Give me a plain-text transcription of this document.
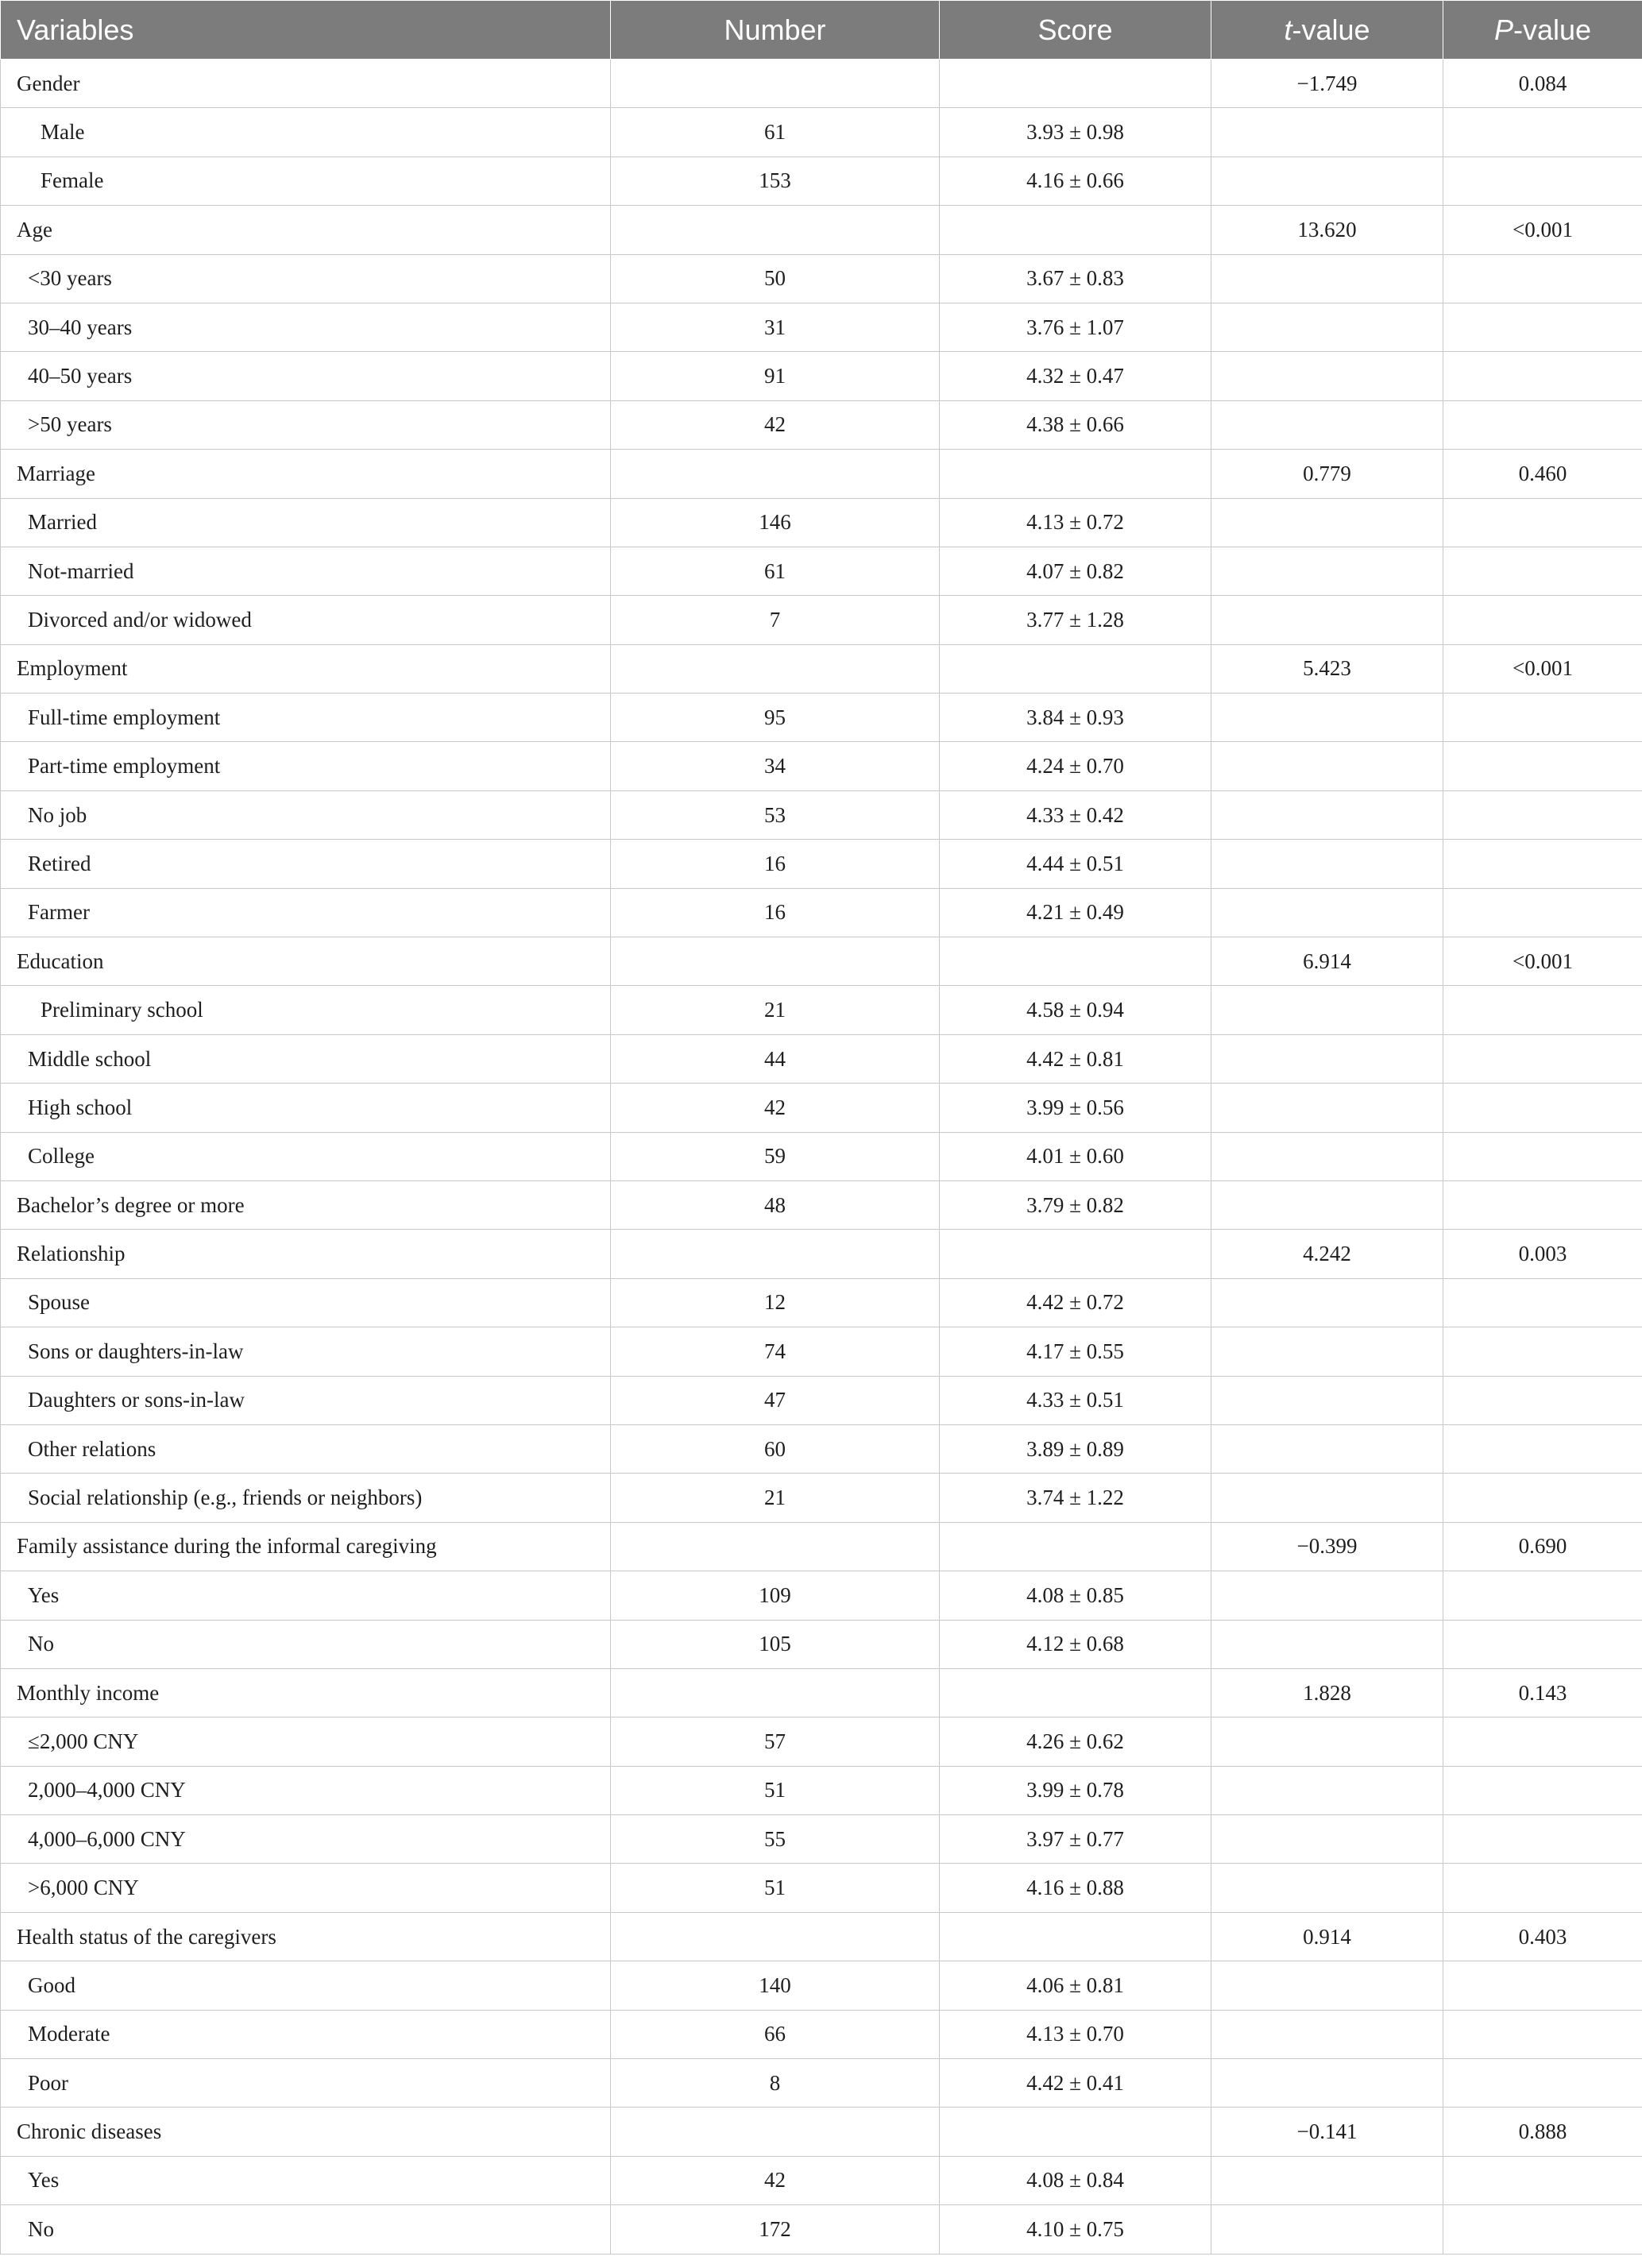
Variables	Number	Score	t-value	P-value
Gender			−1.749	0.084
Male	61	3.93 ± 0.98		
Female	153	4.16 ± 0.66		
Age			13.620	<0.001
<30 years	50	3.67 ± 0.83		
30–40 years	31	3.76 ± 1.07		
40–50 years	91	4.32 ± 0.47		
>50 years	42	4.38 ± 0.66		
Marriage			0.779	0.460
Married	146	4.13 ± 0.72		
Not-married	61	4.07 ± 0.82		
Divorced and/or widowed	7	3.77 ± 1.28		
Employment			5.423	<0.001
Full-time employment	95	3.84 ± 0.93		
Part-time employment	34	4.24 ± 0.70		
No job	53	4.33 ± 0.42		
Retired	16	4.44 ± 0.51		
Farmer	16	4.21 ± 0.49		
Education			6.914	<0.001
Preliminary school	21	4.58 ± 0.94		
Middle school	44	4.42 ± 0.81		
High school	42	3.99 ± 0.56		
College	59	4.01 ± 0.60		
Bachelor’s degree or more	48	3.79 ± 0.82		
Relationship			4.242	0.003
Spouse	12	4.42 ± 0.72		
Sons or daughters-in-law	74	4.17 ± 0.55		
Daughters or sons-in-law	47	4.33 ± 0.51		
Other relations	60	3.89 ± 0.89		
Social relationship (e.g., friends or neighbors)	21	3.74 ± 1.22		
Family assistance during the informal caregiving			−0.399	0.690
Yes	109	4.08 ± 0.85		
No	105	4.12 ± 0.68		
Monthly income			1.828	0.143
≤2,000 CNY	57	4.26 ± 0.62		
2,000–4,000 CNY	51	3.99 ± 0.78		
4,000–6,000 CNY	55	3.97 ± 0.77		
>6,000 CNY	51	4.16 ± 0.88		
Health status of the caregivers			0.914	0.403
Good	140	4.06 ± 0.81		
Moderate	66	4.13 ± 0.70		
Poor	8	4.42 ± 0.41		
Chronic diseases			−0.141	0.888
Yes	42	4.08 ± 0.84		
No	172	4.10 ± 0.75		
